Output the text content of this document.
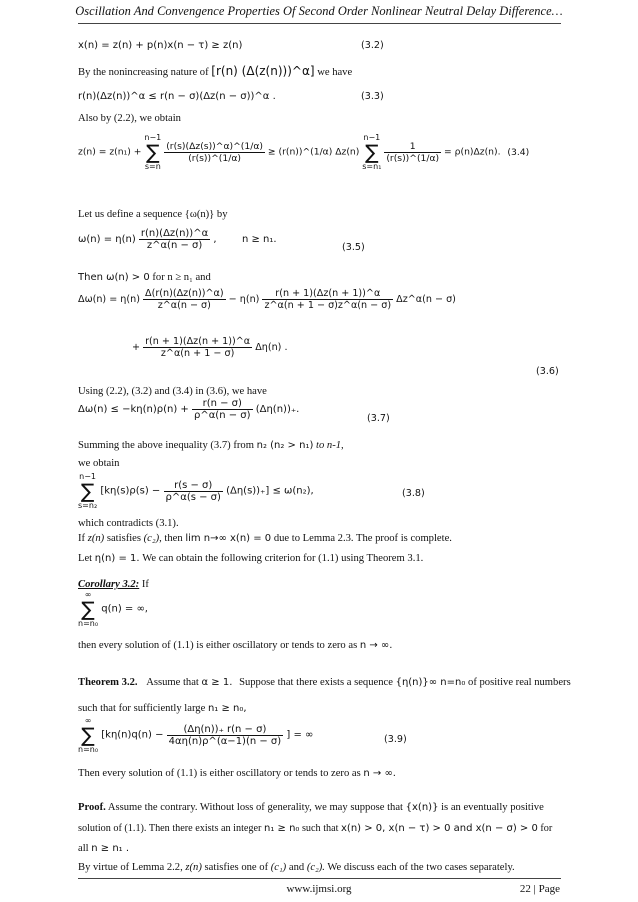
Oscillation And Convengence Properties Of Second Order Nonlinear Neutral Delay Difference…
x(n) = z(n) + p(n)x(n − τ) ≥ z(n)	(3.2)
By the nonincreasing nature of [r(n) (Δ(z(n)))^α] we have
r(n)(Δz(n))^α ≤ r(n − σ)(Δz(n − σ))^α .	(3.3)
Also by (2.2), we obtain
z(n) = z(n₁) + n−1
∑
s=n
$\frac{(r(s)(\Delta z(s))\^{}\alpha)\^{}(1/\alpha)}{(r(s))\^{}(1/\alpha)}$ ≥ (r(n))^(1/α) Δz(n) n−1
∑
s=n₁
$\frac{1}{(r(s))\^{}(1/\alpha)} = \rho(n)\Delta z(n)$. (3.4)
Let us define a sequence {ω(n)} by
$\omega(n) = \eta(n) \frac{r(n)(\Delta z(n))\^{}\alpha}{z\^{}\alpha(n - \sigma)}$ ,        n ≥ n₁.
(3.5)
Then ω(n) > 0 for n ≥ n₁ and
$\Delta\omega(n) = \eta(n) \frac{\Delta(r(n)(\Delta z(n))\^{}\alpha)}{z\^{}\alpha(n - \sigma)} - \eta(n) \frac{r(n + 1)(\Delta z(n + 1))\^{}\alpha}{z\^{}\alpha(n + 1 - \sigma)z\^{}\alpha(n - \sigma)}$ Δz^α(n − σ)
+ $\frac{r(n + 1)(\Delta z(n + 1))\^{}\alpha}{z\^{}\alpha(n + 1 - \sigma)} \Delta\eta(n)$ .
(3.6)
Using (2.2), (3.2) and (3.4) in (3.6), we have
$\Delta\omega(n) \le -k\eta(n)\rho(n) + \frac{r(n - \sigma)}{\rho\^{}\alpha(n - \sigma)} (\Delta\eta(n))_+$.
(3.7)
Summing the above inequality (3.7) from n₂ (n₂ > n₁) to n-1,
we obtain
n−1
∑
s=n₂ $[k\eta(s)\rho(s) - \frac{r(s - \sigma)}{\rho\^{}\alpha(s - \sigma)} (\Delta\eta(s))_+] \le \omega(n_2)$,	(3.8)
which contradicts (3.1).
If z(n) satisfies (c₂), then lim n→∞ x(n) = 0 due to Lemma 2.3. The proof is complete.
Let η(n) = 1. We can obtain the following criterion for (1.1) using Theorem 3.1.
Corollary 3.2: If
∞
∑
n=n₀ q(n) = ∞,
then every solution of (1.1) is either oscillatory or tends to zero as n → ∞.
Theorem 3.2. Assume that α ≥ 1. Suppose that there exists a sequence {η(n)}∞ n=n₀ of positive real numbers
such that for sufficiently large n₁ ≥ n₀,
∞
∑
n=n₀ [$k\eta(n)q(n) - \frac{(\Delta\eta(n))_+ r(n - \sigma)}{4\alpha\eta(n)\rho\^{}(\alpha-1)(n - \sigma)}$ ] = ∞	(3.9)
Then every solution of (1.1) is either oscillatory or tends to zero as n → ∞.
Proof. Assume the contrary. Without loss of generality, we may suppose that {x(n)} is an eventually positive
solution of (1.1). Then there exists an integer n₁ ≥ n₀ such that x(n) > 0, x(n − τ) > 0 and x(n − σ) > 0 for
all n ≥ n₁ .
By virtue of Lemma 2.2, z(n) satisfies one of (c₁) and (c₂). We discuss each of the two cases separately.
www.ijmsi.org	22 | Page
